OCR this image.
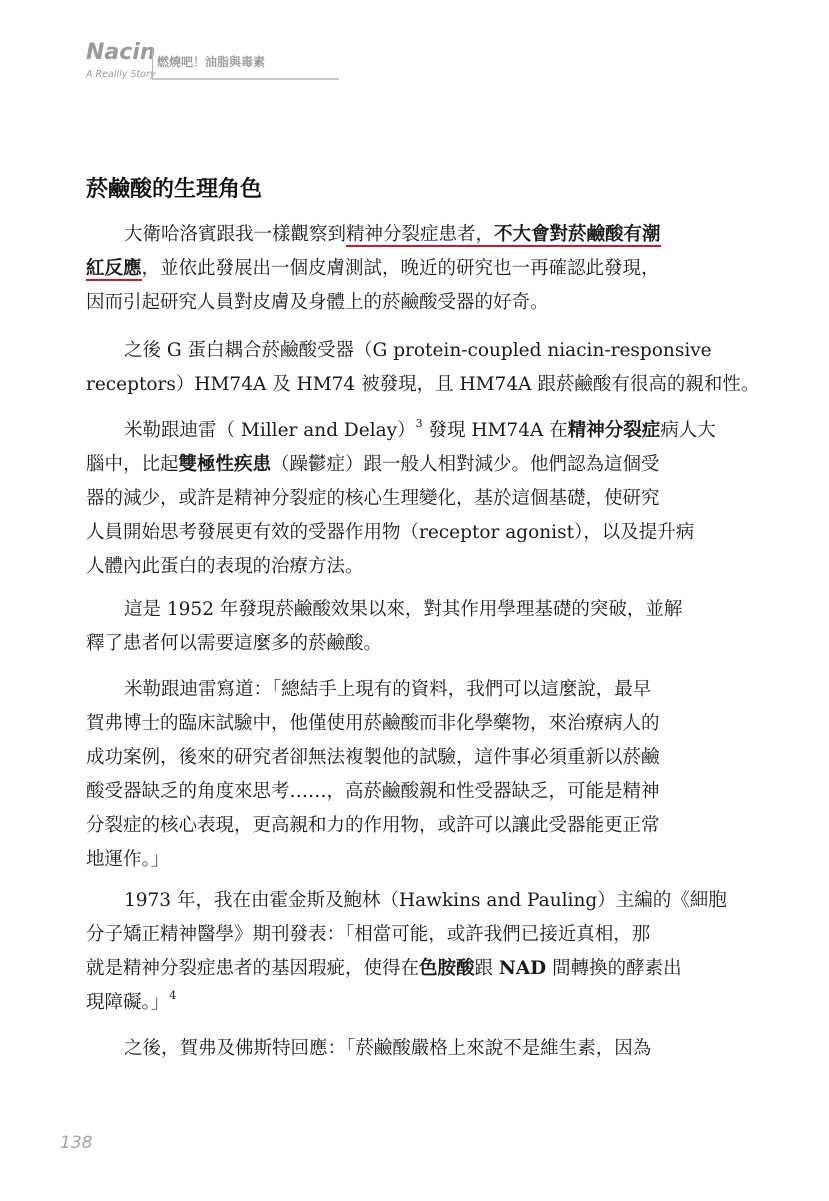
Nacin
A Reallly Story
燃燒吧！油脂與毒素
菸鹼酸的生理角色
大衛哈洛賓跟我一樣觀察到精神分裂症患者，不大會對菸鹼酸有潮
紅反應，並依此發展出一個皮膚測試，晚近的研究也一再確認此發現，
因而引起研究人員對皮膚及身體上的菸鹼酸受器的好奇。
之後 G 蛋白耦合菸鹼酸受器（G protein-coupled niacin-responsive
receptors）HM74A 及 HM74 被發現，且 HM74A 跟菸鹼酸有很高的親和性。
米勒跟迪雷（ Miller and Delay）$^3$ 發現 HM74A 在精神分裂症病人大
腦中，比起雙極性疾患（躁鬱症）跟一般人相對減少。他們認為這個受
器的減少，或許是精神分裂症的核心生理變化，基於這個基礎，使研究
人員開始思考發展更有效的受器作用物（receptor agonist），以及提升病
人體內此蛋白的表現的治療方法。
這是 1952 年發現菸鹼酸效果以來，對其作用學理基礎的突破，並解
釋了患者何以需要這麼多的菸鹼酸。
米勒跟迪雷寫道：「總結手上現有的資料，我們可以這麼說，最早
賀弗博士的臨床試驗中，他僅使用菸鹼酸而非化學藥物，來治療病人的
成功案例，後來的研究者卻無法複製他的試驗，這件事必須重新以菸鹼
酸受器缺乏的角度來思考……，高菸鹼酸親和性受器缺乏，可能是精神
分裂症的核心表現，更高親和力的作用物，或許可以讓此受器能更正常
地運作。」
1973 年，我在由霍金斯及鮑林（Hawkins and Pauling）主編的《細胞
分子矯正精神醫學》期刊發表：「相當可能，或許我們已接近真相，那
就是精神分裂症患者的基因瑕疵，使得在色胺酸跟 NAD 間轉換的酵素出
現障礙。」$^4$
之後，賀弗及佛斯特回應：「菸鹼酸嚴格上來說不是維生素，因為
138
